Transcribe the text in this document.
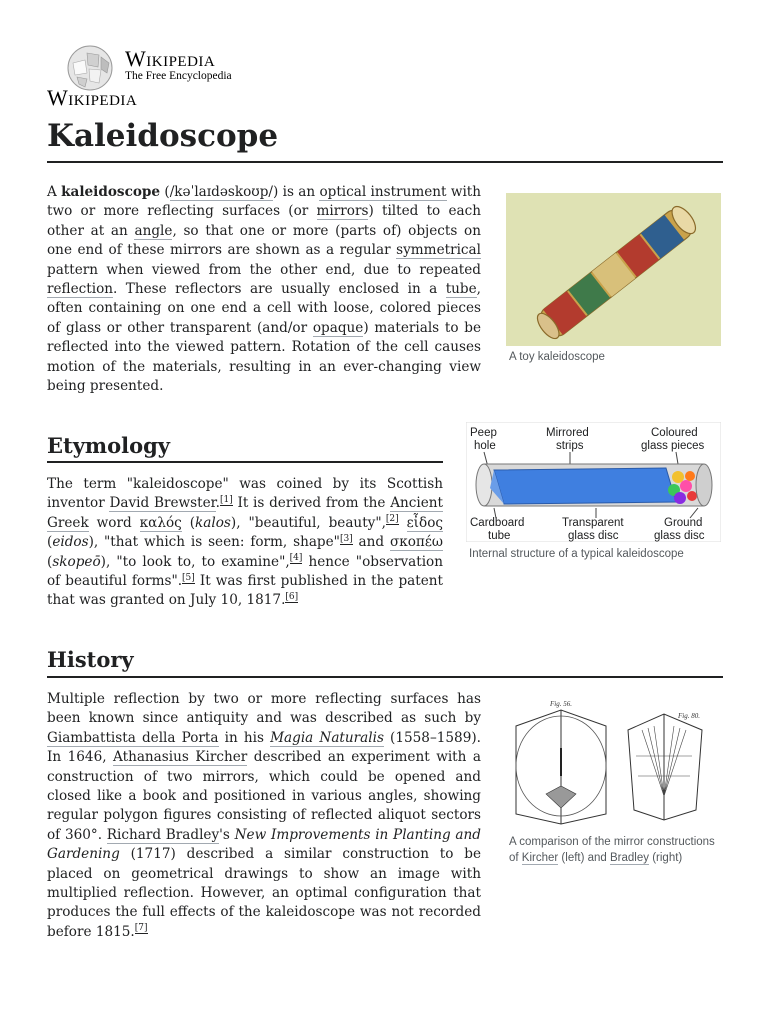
Wikipedia
The Free Encyclopedia
Wikipedia
Kaleidoscope

A kaleidoscope (/kəˈlaɪdəskoʊp/) is an optical instrument with two or more reflecting surfaces (or mirrors) tilted to each other at an angle, so that one or more (parts of) objects on one end of these mirrors are shown as a regular symmetrical pattern when viewed from the other end, due to repeated reflection. These reflectors are usually enclosed in a tube, often containing on one end a cell with loose, colored pieces of glass or other transparent (and/or opaque) materials to be reflected into the viewed pattern. Rotation of the cell causes motion of the materials, resulting in an ever-changing view being presented.

A toy kaleidoscope
Etymology

The term "kaleidoscope" was coined by its Scottish inventor David Brewster.[1] It is derived from the Ancient Greek word καλός (kalos), "beautiful, beauty",[2] εἶδος (eidos), "that which is seen: form, shape"[3] and σκοπέω (skopeō), "to look to, to examine",[4] hence "observation of beautiful forms".[5] It was first published in the patent that was granted on July 10, 1817.[6]

Peep
hole
Mirrored
strips
Coloured
glass pieces
Cardboard
tube
Transparent
glass disc
Ground
glass disc
Internal structure of a typical kaleidoscope
History

Multiple reflection by two or more reflecting surfaces has been known since antiquity and was described as such by Giambattista della Porta in his Magia Naturalis (1558–1589). In 1646, Athanasius Kircher described an experiment with a construction of two mirrors, which could be opened and closed like a book and positioned in various angles, showing regular polygon figures consisting of reflected aliquot sectors of 360°. Richard Bradley's New Improvements in Planting and Gardening (1717) described a similar construction to be placed on geometrical drawings to show an image with multiplied reflection. However, an optimal configuration that produces the full effects of the kaleidoscope was not recorded before 1815.[7]

Fig. 56.
Fig. 80.
A comparison of the mirror constructions of Kircher (left) and Bradley (right)
